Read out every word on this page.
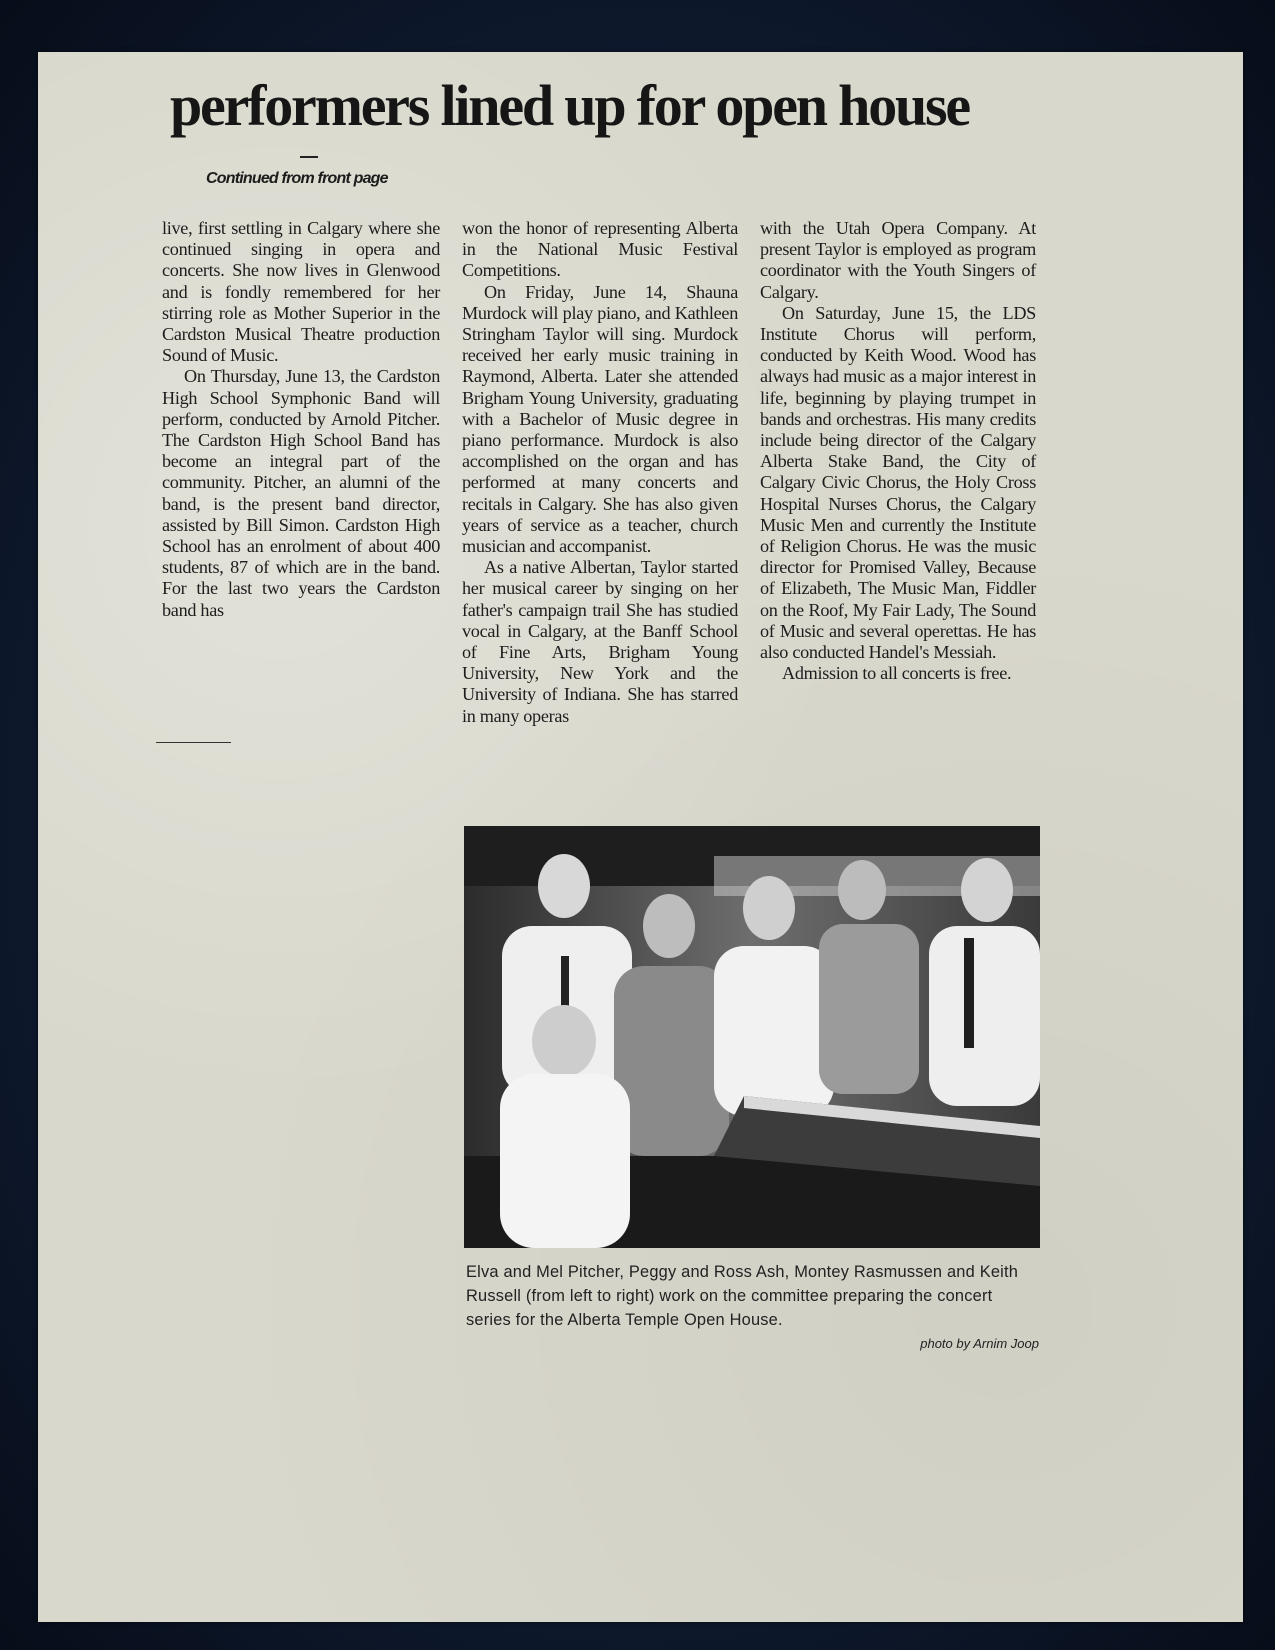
performers lined up for open house
Continued from front page

live, first settling in Calgary where she continued singing in opera and concerts. She now lives in Glenwood and is fondly remembered for her stirring role as Mother Superior in the Cardston Musical Theatre production Sound of Music.

On Thursday, June 13, the Cardston High School Symphonic Band will perform, conducted by Arnold Pitcher. The Cardston High School Band has become an integral part of the community. Pitcher, an alumni of the band, is the present band director, assisted by Bill Simon. Cardston High School has an enrolment of about 400 students, 87 of which are in the band. For the last two years the Cardston band has

won the honor of representing Alberta in the National Music Festival Competitions.

On Friday, June 14, Shauna Murdock will play piano, and Kathleen Stringham Taylor will sing. Murdock received her early music training in Raymond, Alberta. Later she attended Brigham Young University, graduating with a Bachelor of Music degree in piano performance. Murdock is also accomplished on the organ and has performed at many concerts and recitals in Calgary. She has also given years of service as a teacher, church musician and accompanist.

As a native Albertan, Taylor started her musical career by singing on her father's campaign trail She has studied vocal in Calgary, at the Banff School of Fine Arts, Brigham Young University, New York and the University of Indiana. She has starred in many operas

with the Utah Opera Company. At present Taylor is employed as program coordinator with the Youth Singers of Calgary.

On Saturday, June 15, the LDS Institute Chorus will perform, conducted by Keith Wood. Wood has always had music as a major interest in life, beginning by playing trumpet in bands and orchestras. His many credits include being director of the Calgary Alberta Stake Band, the City of Calgary Civic Chorus, the Holy Cross Hospital Nurses Chorus, the Calgary Music Men and currently the Institute of Religion Chorus. He was the music director for Promised Valley, Because of Elizabeth, The Music Man, Fiddler on the Roof, My Fair Lady, The Sound of Music and several operettas. He has also conducted Handel's Messiah.

Admission to all concerts is free.

Elva and Mel Pitcher, Peggy and Ross Ash, Montey Rasmussen and Keith Russell (from left to right) work on the committee preparing the concert series for the Alberta Temple Open House.
photo by Arnim Joop
